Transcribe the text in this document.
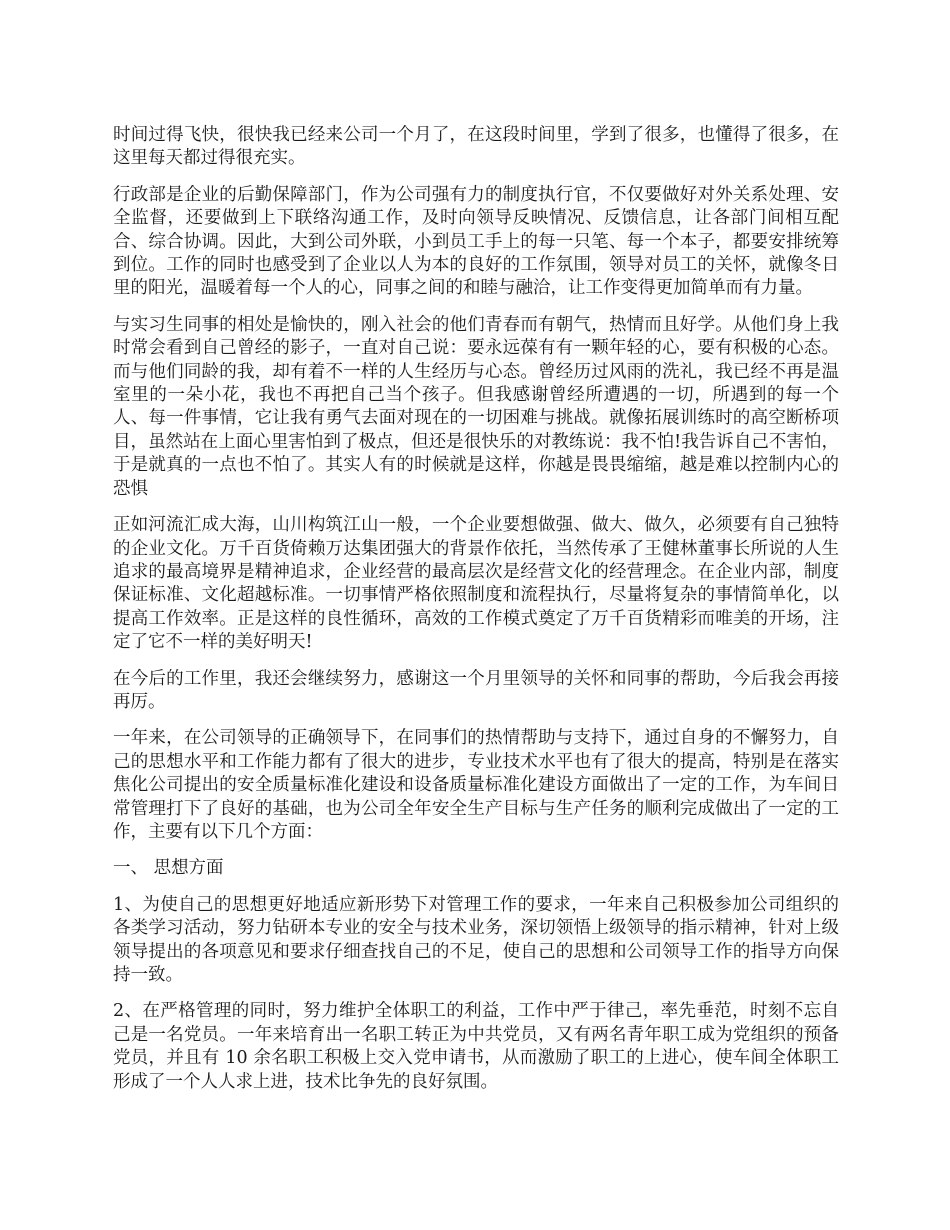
时间过得飞快，很快我已经来公司一个月了，在这段时间里，学到了很多，也懂得了很多，在这里每天都过得很充实。

行政部是企业的后勤保障部门，作为公司强有力的制度执行官，不仅要做好对外关系处理、安全监督，还要做到上下联络沟通工作，及时向领导反映情况、反馈信息，让各部门间相互配合、综合协调。因此，大到公司外联，小到员工手上的每一只笔、每一个本子，都要安排统筹到位。工作的同时也感受到了企业以人为本的良好的工作氛围，领导对员工的关怀，就像冬日里的阳光，温暖着每一个人的心，同事之间的和睦与融洽，让工作变得更加简单而有力量。

与实习生同事的相处是愉快的，刚入社会的他们青春而有朝气，热情而且好学。从他们身上我时常会看到自己曾经的影子，一直对自己说：要永远葆有有一颗年轻的心，要有积极的心态。而与他们同龄的我，却有着不一样的人生经历与心态。曾经历过风雨的洗礼，我已经不再是温室里的一朵小花，我也不再把自己当个孩子。但我感谢曾经所遭遇的一切，所遇到的每一个人、每一件事情，它让我有勇气去面对现在的一切困难与挑战。就像拓展训练时的高空断桥项目，虽然站在上面心里害怕到了极点，但还是很快乐的对教练说：我不怕!我告诉自己不害怕，于是就真的一点也不怕了。其实人有的时候就是这样，你越是畏畏缩缩，越是难以控制内心的恐惧

正如河流汇成大海，山川构筑江山一般，一个企业要想做强、做大、做久，必须要有自己独特的企业文化。万千百货倚赖万达集团强大的背景作依托，当然传承了王健林董事长所说的人生追求的最高境界是精神追求，企业经营的最高层次是经营文化的经营理念。在企业内部，制度保证标准、文化超越标准。一切事情严格依照制度和流程执行，尽量将复杂的事情简单化，以提高工作效率。正是这样的良性循环，高效的工作模式奠定了万千百货精彩而唯美的开场，注定了它不一样的美好明天!

在今后的工作里，我还会继续努力，感谢这一个月里领导的关怀和同事的帮助，今后我会再接再厉。

一年来，在公司领导的正确领导下，在同事们的热情帮助与支持下，通过自身的不懈努力，自己的思想水平和工作能力都有了很大的进步，专业技术水平也有了很大的提高，特别是在落实焦化公司提出的安全质量标准化建设和设备质量标准化建设方面做出了一定的工作，为车间日常管理打下了良好的基础，也为公司全年安全生产目标与生产任务的顺利完成做出了一定的工作，主要有以下几个方面：

一、 思想方面

1、为使自己的思想更好地适应新形势下对管理工作的要求，一年来自己积极参加公司组织的各类学习活动，努力钻研本专业的安全与技术业务，深切领悟上级领导的指示精神，针对上级领导提出的各项意见和要求仔细查找自己的不足，使自己的思想和公司领导工作的指导方向保持一致。

2、在严格管理的同时，努力维护全体职工的利益，工作中严于律己，率先垂范，时刻不忘自己是一名党员。一年来培育出一名职工转正为中共党员，又有两名青年职工成为党组织的预备党员，并且有 10 余名职工积极上交入党申请书，从而激励了职工的上进心，使车间全体职工形成了一个人人求上进，技术比争先的良好氛围。
